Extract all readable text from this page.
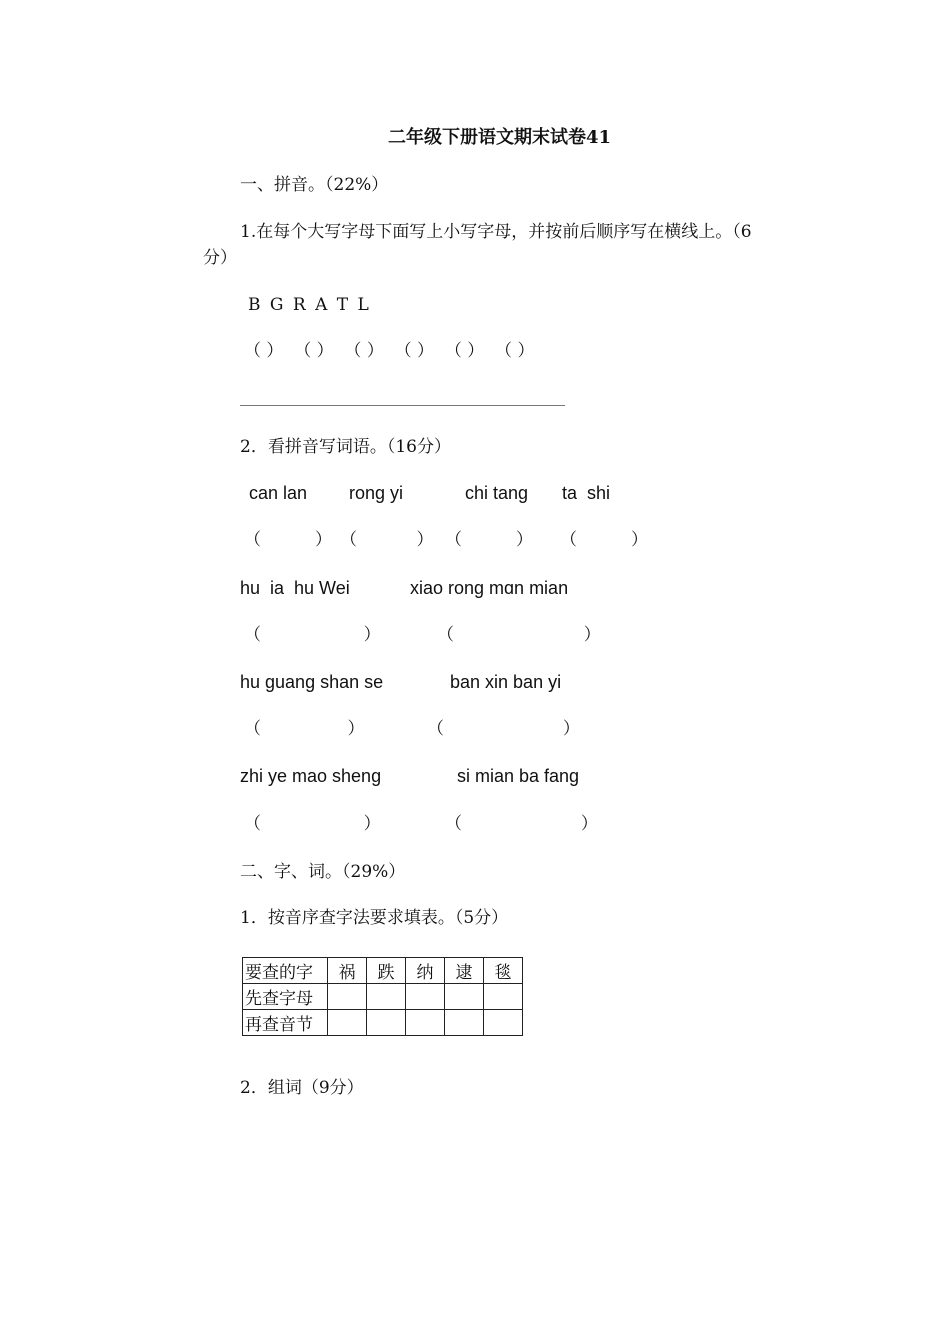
二年级下册语文期末试卷41
一、拼音。（22%）
1.在每个大写字母下面写上小写字母，并按前后顺序写在横线上。（6
分）
B G R A T L
（ ）  （ ）  （ ）  （ ）  （ ）  （ ）
2．看拼音写词语。（16分）
can lan rong yi	chi tang ta  shi
（          ） （           ） （          ） （          ）
hu  ia  hu Wei	xiao rong mɑn mian
（                   ）	（                        ）
hu guang shan se	ban xin ban yi
（                ）	（                      ）
zhi ye mao sheng	si mian ba fang
（                   ）	（                      ）
二、字、词。（29%）
1．按音序查字法要求填表。（5分）
要查的字	祸	跌	纳	逮	毯
先查字母					
再查音节					
2．组词（9分）
